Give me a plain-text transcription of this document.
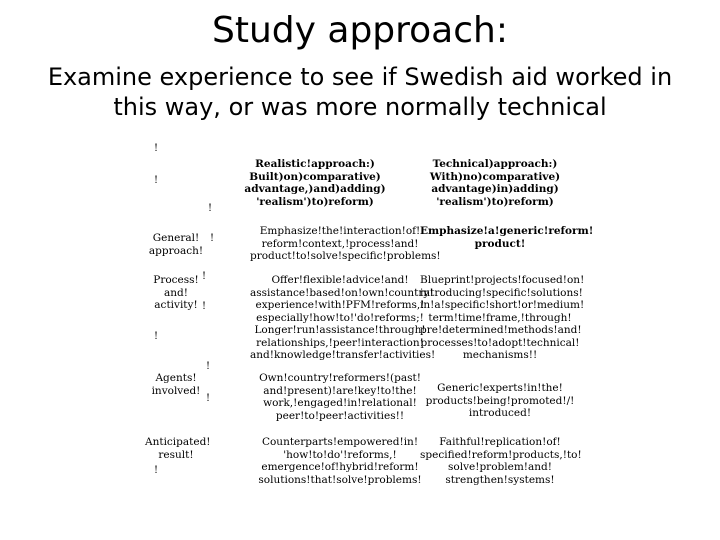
Study approach:
Examine experience to see if Swedish aid worked in this way, or was more normally technical
Realistic!approach:) Built)on)comparative) advantage,)and)adding) 'realism')to)reform)
Technical)approach:) With)no)comparative) advantage)in)adding) 'realism')to)reform)
General! approach!
Emphasize!the!interaction!of! reform!context,!process!and! product!to!solve!specific!problems!
Emphasize!a!generic!reform! product!
Process! and! activity!
Offer!flexible!advice!and! assistance!based!on!own!country! experience!with!PFM!reforms,! especially!how!to!'do!reforms;! Longer!run!assistance!through! relationships,!peer!interaction! and!knowledge!transfer!activities!
Blueprint!projects!focused!on! introducing!specific!solutions! in!a!specific!short!or!medium! term!time!frame,!through! pre!determined!methods!and! processes!to!adopt!technical! mechanisms!!
Agents! involved!
Own!country!reformers!(past! and!present)!are!key!to!the! work,!engaged!in!relational! peer!to!peer!activities!!
Generic!experts!in!the! products!being!promoted!/! introduced!
Anticipated! result!
Counterparts!empowered!in! 'how!to!do'!reforms,! emergence!of!hybrid!reform! solutions!that!solve!problems!
Faithful!replication!of! specified!reform!products,!to! solve!problem!and! strengthen!systems!
!
!
!
!
!
!
!
!
!
!
